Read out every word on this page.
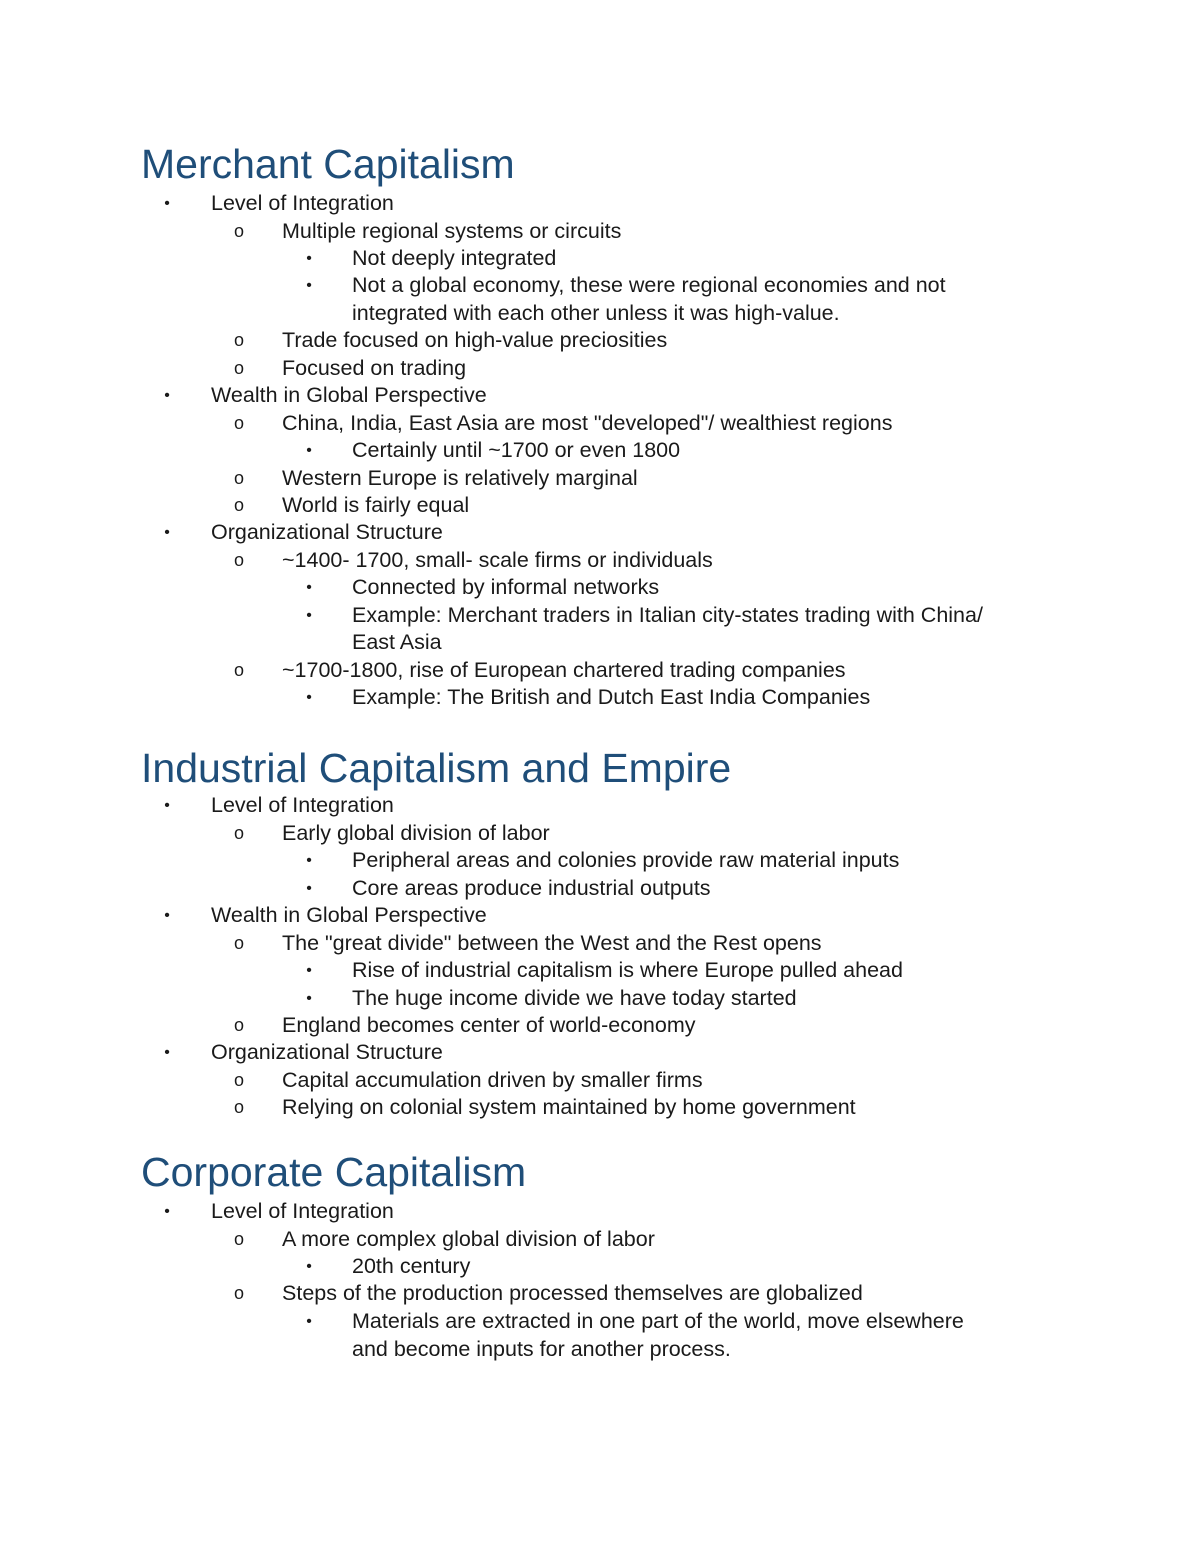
Merchant Capitalism
•	Level of Integration
o Multiple regional systems or circuits
•	Not deeply integrated
•	Not a global economy, these were regional economies and not
integrated with each other unless it was high-value.
o Trade focused on high-value preciosities
o Focused on trading
•	Wealth in Global Perspective
o China, India, East Asia are most "developed"/ wealthiest regions
•	Certainly until ~1700 or even 1800
o Western Europe is relatively marginal
o World is fairly equal
•	Organizational Structure
o ~1400- 1700, small- scale firms or individuals
•	Connected by informal networks
•	Example: Merchant traders in Italian city-states trading with China/
East Asia
o ~1700-1800, rise of European chartered trading companies
•	Example: The British and Dutch East India Companies
Industrial Capitalism and Empire
•	Level of Integration
o Early global division of labor
•	Peripheral areas and colonies provide raw material inputs
•	Core areas produce industrial outputs
•	Wealth in Global Perspective
o The "great divide" between the West and the Rest opens
•	Rise of industrial capitalism is where Europe pulled ahead
•	The huge income divide we have today started
o England becomes center of world-economy
•	Organizational Structure
o Capital accumulation driven by smaller firms
o Relying on colonial system maintained by home government
Corporate Capitalism
•	Level of Integration
o A more complex global division of labor
•	20th century
o Steps of the production processed themselves are globalized
•	Materials are extracted in one part of the world, move elsewhere
and become inputs for another process.
